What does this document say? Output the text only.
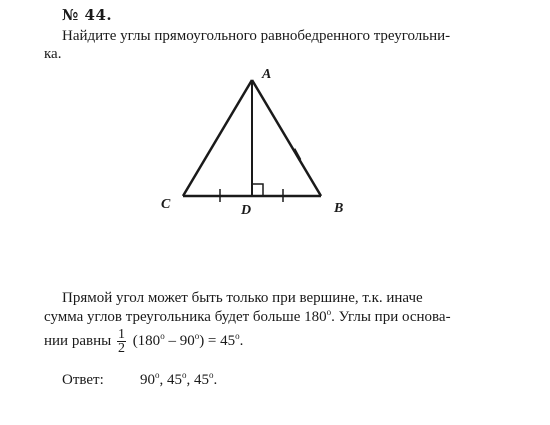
№ 44.
Найдите углы прямоугольного равнобедренного треугольни-
ка.
A
B
C	D
Прямой угол может быть только при вершине, т.к. иначе
сумма углов треугольника будет больше 180$^o$. Углы при основа-
нии равны $\frac{1}{2} (180^o - 90^o) = 45^o$.
Ответ: 90$^o$, 45$^o$, 45$^o$.
